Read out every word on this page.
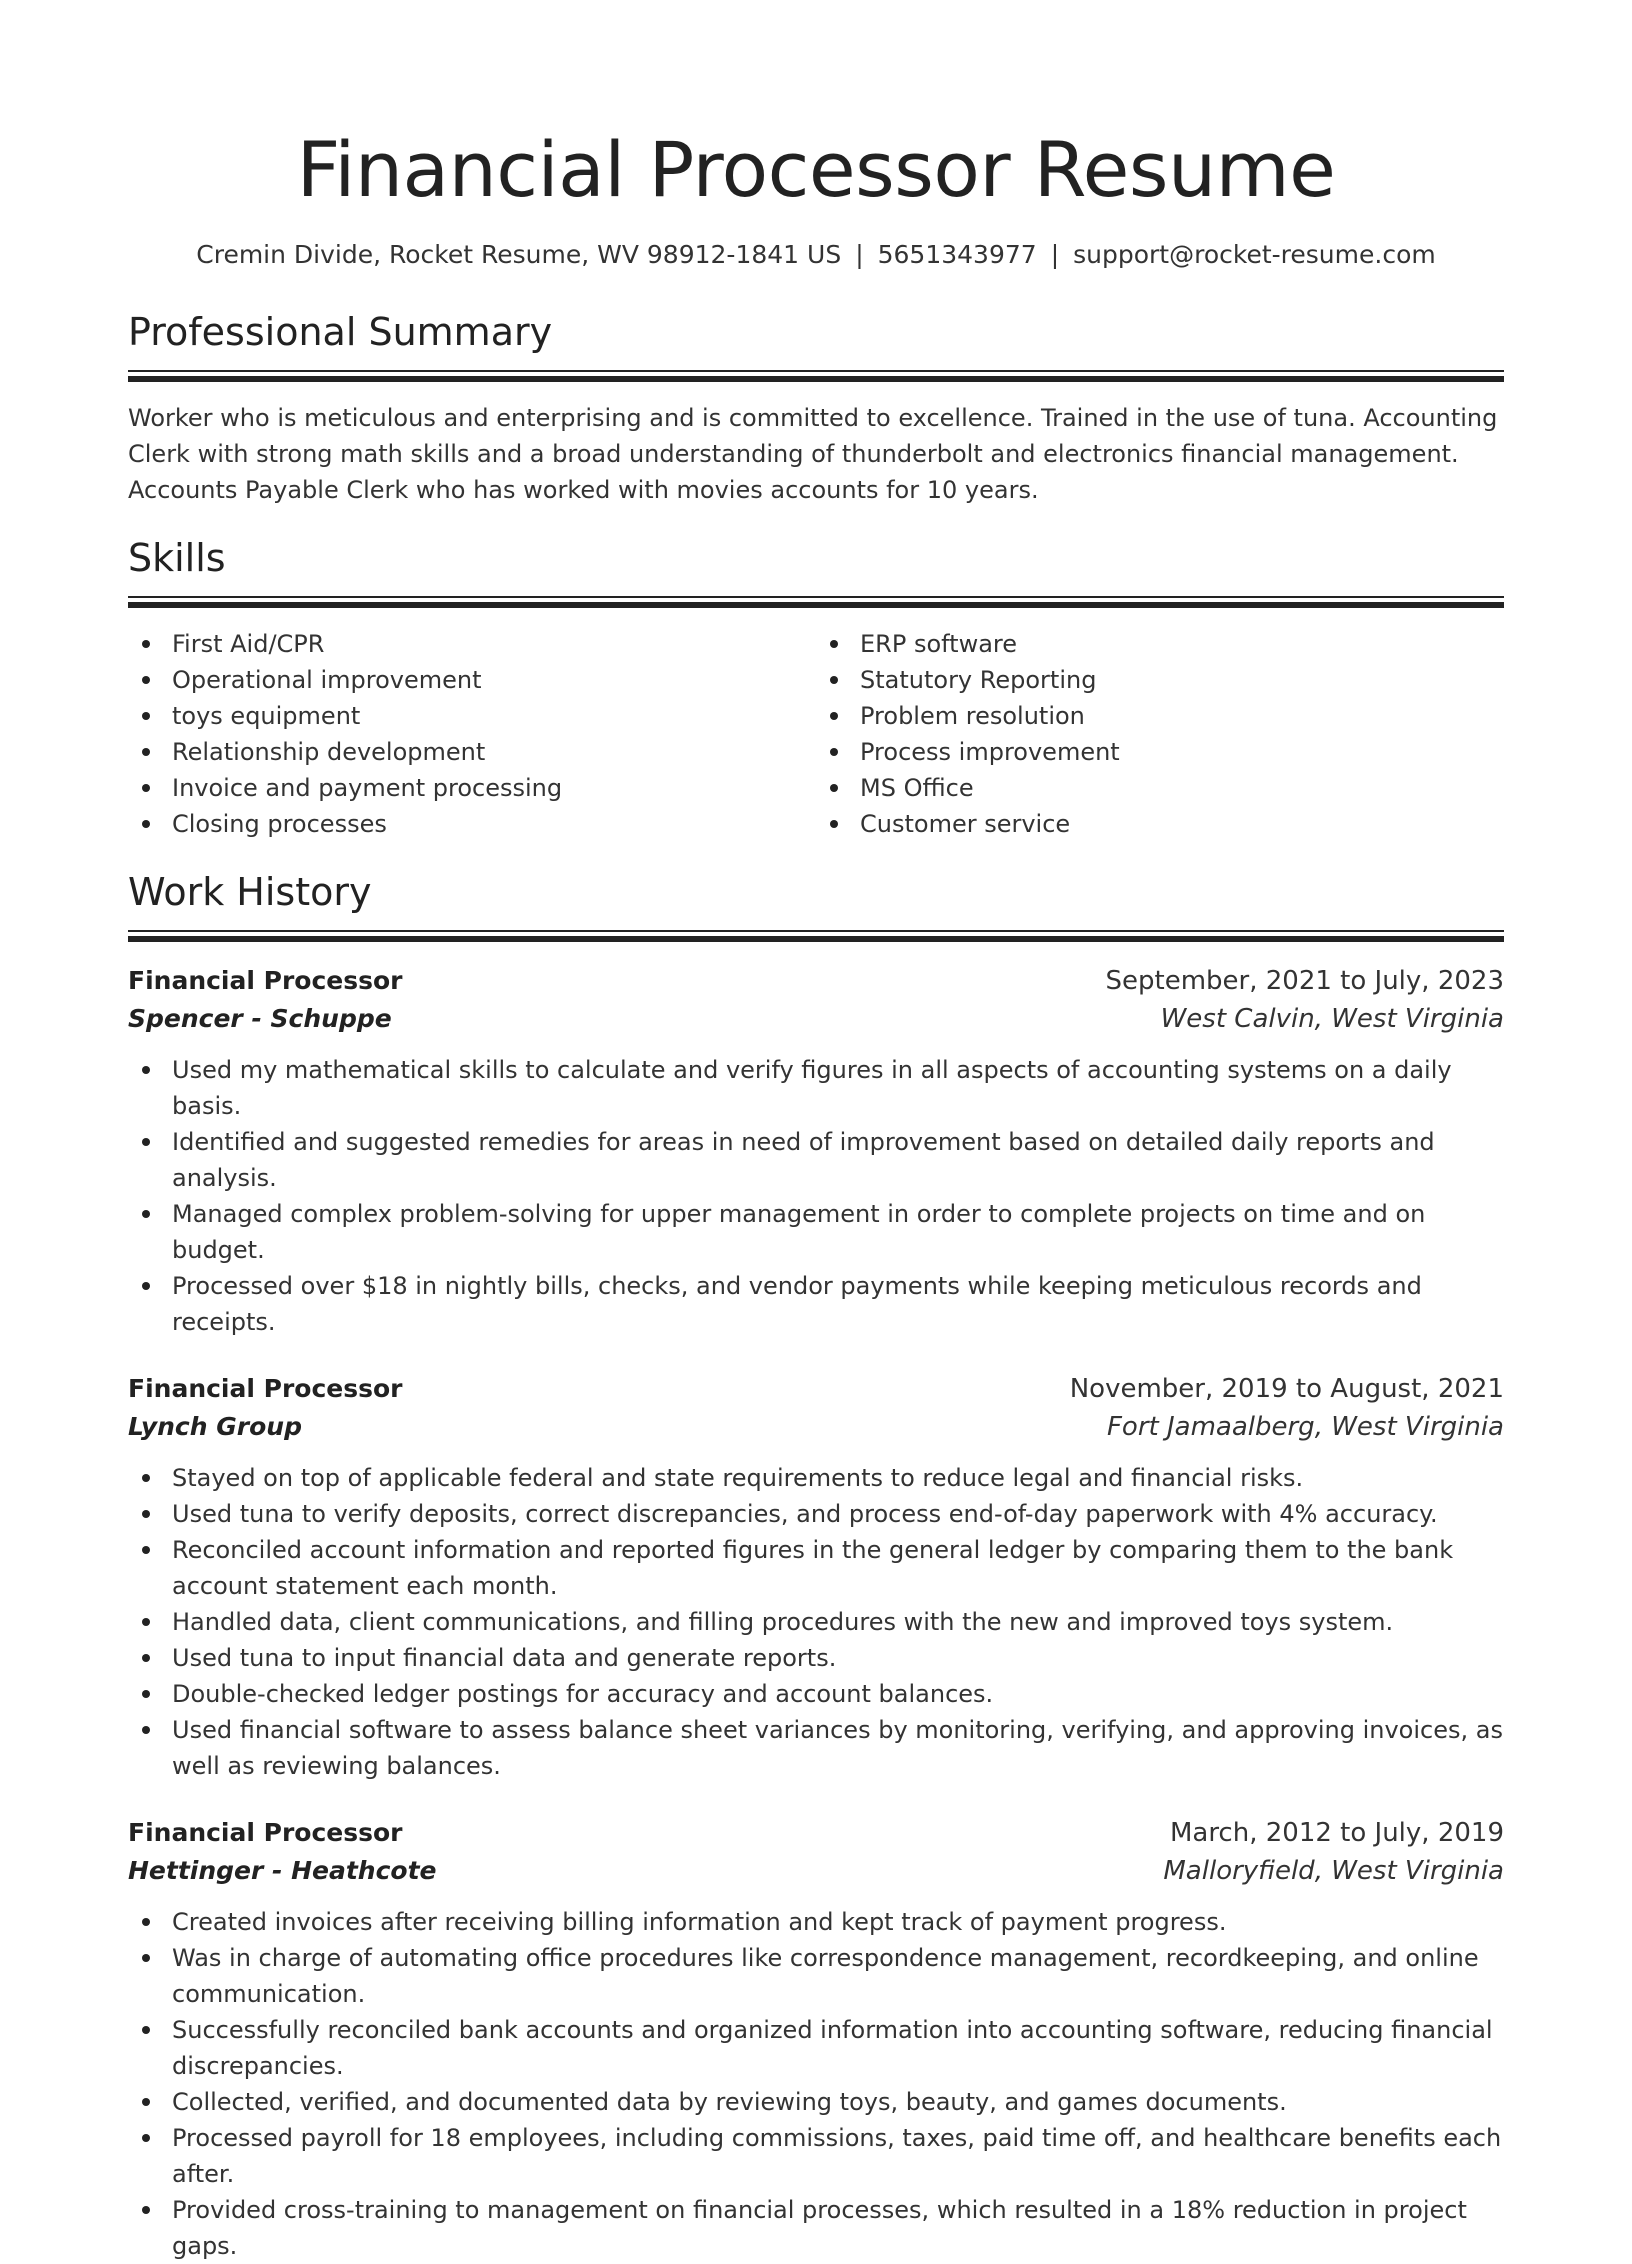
Financial Processor Resume
Cremin Divide, Rocket Resume, WV 98912-1841 US | 5651343977 | support@rocket-resume.com
Professional Summary

Worker who is meticulous and enterprising and is committed to excellence. Trained in the use of tuna. Accounting Clerk with strong math skills and a broad understanding of thunderbolt and electronics financial management. Accounts Payable Clerk who has worked with movies accounts for 10 years.

Skills
First Aid/CPR
Operational improvement
toys equipment
Relationship development
Invoice and payment processing
Closing processes
ERP software
Statutory Reporting
Problem resolution
Process improvement
MS Office
Customer service
Work History
Financial Processor	September, 2021 to July, 2023
Spencer - Schuppe	West Calvin, West Virginia
Used my mathematical skills to calculate and verify figures in all aspects of accounting systems on a daily basis.
Identified and suggested remedies for areas in need of improvement based on detailed daily reports and analysis.
Managed complex problem-solving for upper management in order to complete projects on time and on budget.
Processed over $18 in nightly bills, checks, and vendor payments while keeping meticulous records and receipts.
Financial Processor	November, 2019 to August, 2021
Lynch Group	Fort Jamaalberg, West Virginia
Stayed on top of applicable federal and state requirements to reduce legal and financial risks.
Used tuna to verify deposits, correct discrepancies, and process end-of-day paperwork with 4% accuracy.
Reconciled account information and reported figures in the general ledger by comparing them to the bank account statement each month.
Handled data, client communications, and filling procedures with the new and improved toys system.
Used tuna to input financial data and generate reports.
Double-checked ledger postings for accuracy and account balances.
Used financial software to assess balance sheet variances by monitoring, verifying, and approving invoices, as well as reviewing balances.
Financial Processor	March, 2012 to July, 2019
Hettinger - Heathcote	Malloryfield, West Virginia
Created invoices after receiving billing information and kept track of payment progress.
Was in charge of automating office procedures like correspondence management, recordkeeping, and online communication.
Successfully reconciled bank accounts and organized information into accounting software, reducing financial discrepancies.
Collected, verified, and documented data by reviewing toys, beauty, and games documents.
Processed payroll for 18 employees, including commissions, taxes, paid time off, and healthcare benefits each after.
Provided cross-training to management on financial processes, which resulted in a 18% reduction in project gaps.
